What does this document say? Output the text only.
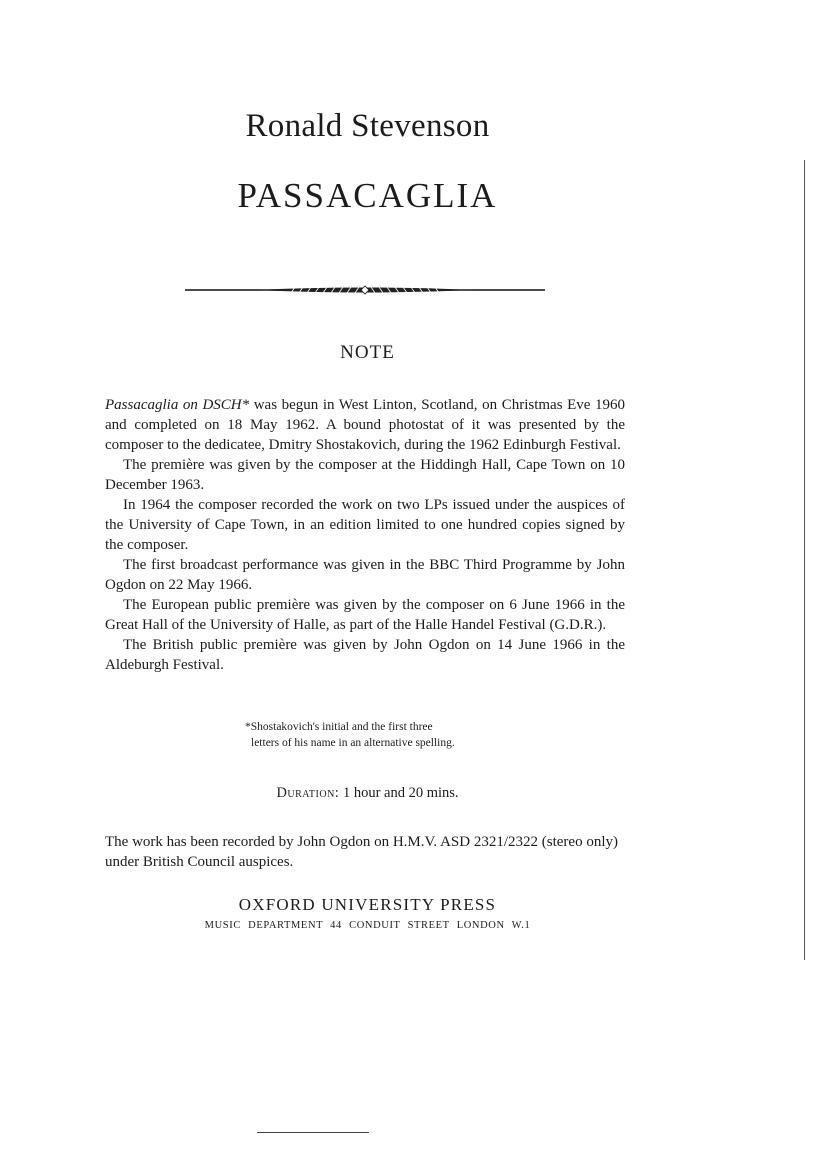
Ronald Stevenson
PASSACAGLIA
NOTE

Passacaglia on DSCH* was begun in West Linton, Scotland, on Christmas Eve 1960 and completed on 18 May 1962. A bound photostat of it was presented by the composer to the dedicatee, Dmitry Shostakovich, during the 1962 Edinburgh Festival.

The première was given by the composer at the Hiddingh Hall, Cape Town on 10 December 1963.

In 1964 the composer recorded the work on two LPs issued under the auspices of the University of Cape Town, in an edition limited to one hundred copies signed by the composer.

The first broadcast performance was given in the BBC Third Programme by John Ogdon on 22 May 1966.

The European public première was given by the composer on 6 June 1966 in the Great Hall of the University of Halle, as part of the Halle Handel Festival (G.D.R.).

The British public première was given by John Ogdon on 14 June 1966 in the Aldeburgh Festival.

*Shostakovich's initial and the first three
letters of his name in an alternative spelling.
Duration: 1 hour and 20 mins.
The work has been recorded by John Ogdon on H.M.V. ASD 2321/2322 (stereo only) under British Council auspices.
OXFORD UNIVERSITY PRESS
MUSIC DEPARTMENT 44 CONDUIT STREET LONDON W.1
